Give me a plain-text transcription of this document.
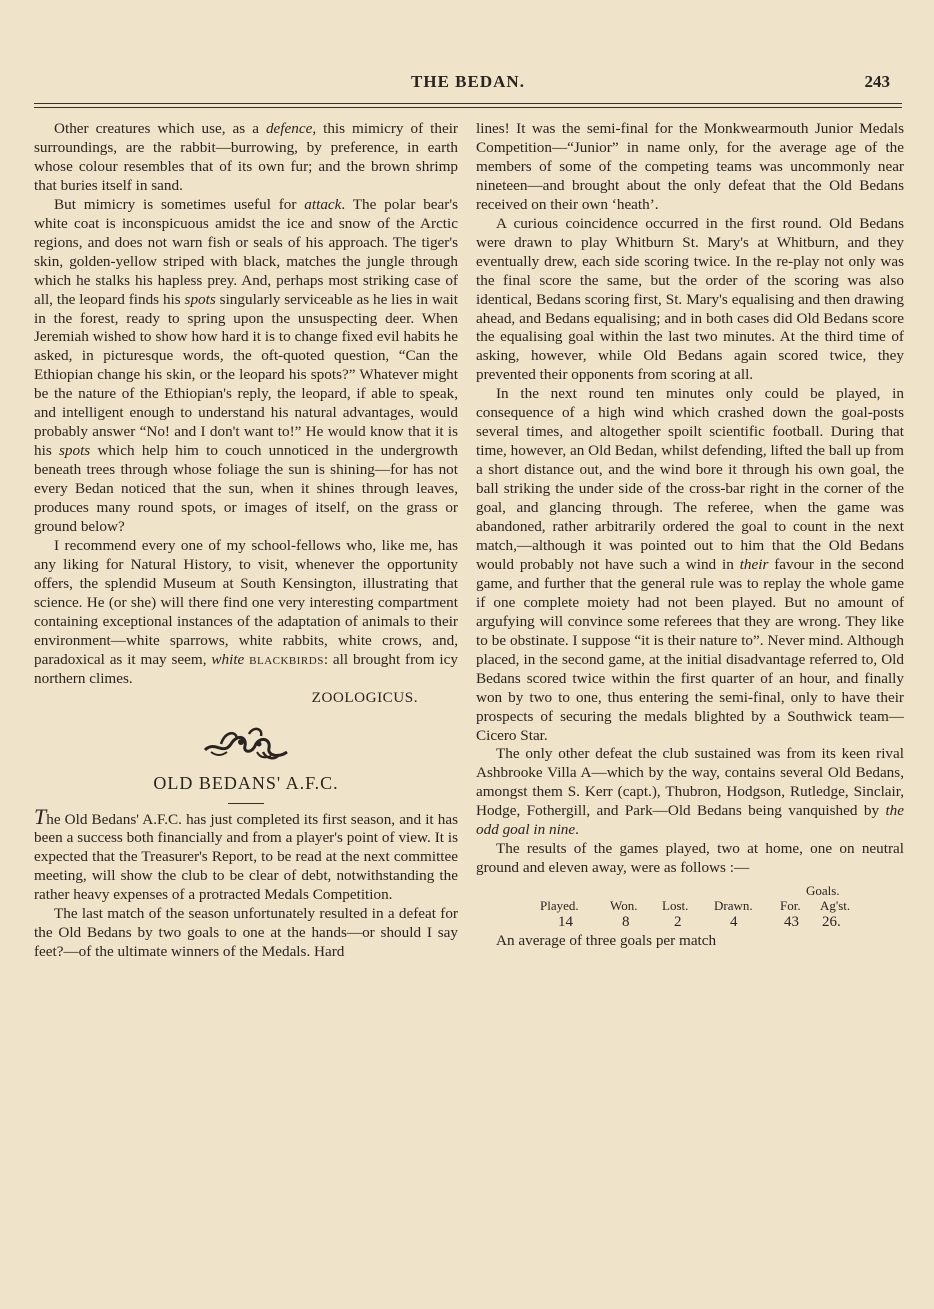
THE BEDAN.	243

Other creatures which use, as a defence, this mimicry of their surroundings, are the rabbit—burrowing, by preference, in earth whose colour resembles that of its own fur; and the brown shrimp that buries itself in sand.

But mimicry is sometimes useful for attack. The polar bear's white coat is inconspicuous amidst the ice and snow of the Arctic regions, and does not warn fish or seals of his approach. The tiger's skin, golden-yellow striped with black, matches the jungle through which he stalks his hapless prey. And, perhaps most striking case of all, the leopard finds his spots singularly serviceable as he lies in wait in the forest, ready to spring upon the unsuspecting deer. When Jeremiah wished to show how hard it is to change fixed evil habits he asked, in picturesque words, the oft-quoted question, “Can the Ethiopian change his skin, or the leopard his spots?” Whatever might be the nature of the Ethiopian's reply, the leopard, if able to speak, and intelligent enough to understand his natural advantages, would probably answer “No! and I don't want to!” He would know that it is his spots which help him to couch unnoticed in the undergrowth beneath trees through whose foliage the sun is shining—for has not every Bedan noticed that the sun, when it shines through leaves, produces many round spots, or images of itself, on the grass or ground below?

I recommend every one of my school-fellows who, like me, has any liking for Natural History, to visit, whenever the opportunity offers, the splendid Museum at South Kensington, illustrating that science. He (or she) will there find one very interesting compartment containing exceptional instances of the adaptation of animals to their environment—white sparrows, white rabbits, white crows, and, paradoxical as it may seem, white blackbirds: all brought from icy northern climes.

ZOOLOGICUS.

OLD BEDANS' A.F.C.

The Old Bedans' A.F.C. has just completed its first season, and it has been a success both financially and from a player's point of view. It is expected that the Treasurer's Report, to be read at the next committee meeting, will show the club to be clear of debt, notwithstanding the rather heavy expenses of a protracted Medals Competition.

The last match of the season unfortunately resulted in a defeat for the Old Bedans by two goals to one at the hands—or should I say feet?—of the ultimate winners of the Medals. Hard

lines! It was the semi-final for the Monkwearmouth Junior Medals Competition—“Junior” in name only, for the average age of the members of some of the competing teams was uncommonly near nineteen—and brought about the only defeat that the Old Bedans received on their own ‘heath’.

A curious coincidence occurred in the first round. Old Bedans were drawn to play Whitburn St. Mary's at Whitburn, and they eventually drew, each side scoring twice. In the re-play not only was the final score the same, but the order of the scoring was also identical, Bedans scoring first, St. Mary's equalising and then drawing ahead, and Bedans equalising; and in both cases did Old Bedans score the equalising goal within the last two minutes. At the third time of asking, however, while Old Bedans again scored twice, they prevented their opponents from scoring at all.

In the next round ten minutes only could be played, in consequence of a high wind which crashed down the goal-posts several times, and altogether spoilt scientific football. During that time, however, an Old Bedan, whilst defending, lifted the ball up from a short distance out, and the wind bore it through his own goal, the ball striking the under side of the cross-bar right in the corner of the goal, and glancing through. The referee, when the game was abandoned, rather arbitrarily ordered the goal to count in the next match,—although it was pointed out to him that the Old Bedans would probably not have such a wind in their favour in the second game, and further that the general rule was to replay the whole game if one complete moiety had not been played. But no amount of argufying will convince some referees that they are wrong. They like to be obstinate. I suppose “it is their nature to”. Never mind. Although placed, in the second game, at the initial disadvantage referred to, Old Bedans scored twice within the first quarter of an hour, and finally won by two to one, thus entering the semi-final, only to have their prospects of securing the medals blighted by a Southwick team—Cicero Star.

The only other defeat the club sustained was from its keen rival Ashbrooke Villa A—which by the way, contains several Old Bedans, amongst them S. Kerr (capt.), Thubron, Hodgson, Rutledge, Sinclair, Hodge, Fothergill, and Park—Old Bedans being vanquished by the odd goal in nine.

The results of the games played, two at home, one on neutral ground and eleven away, were as follows :—

Goals.
Played. Won. Lost. Drawn. For. Ag'st.
14	8	2	4	43 26.

An average of three goals per match
